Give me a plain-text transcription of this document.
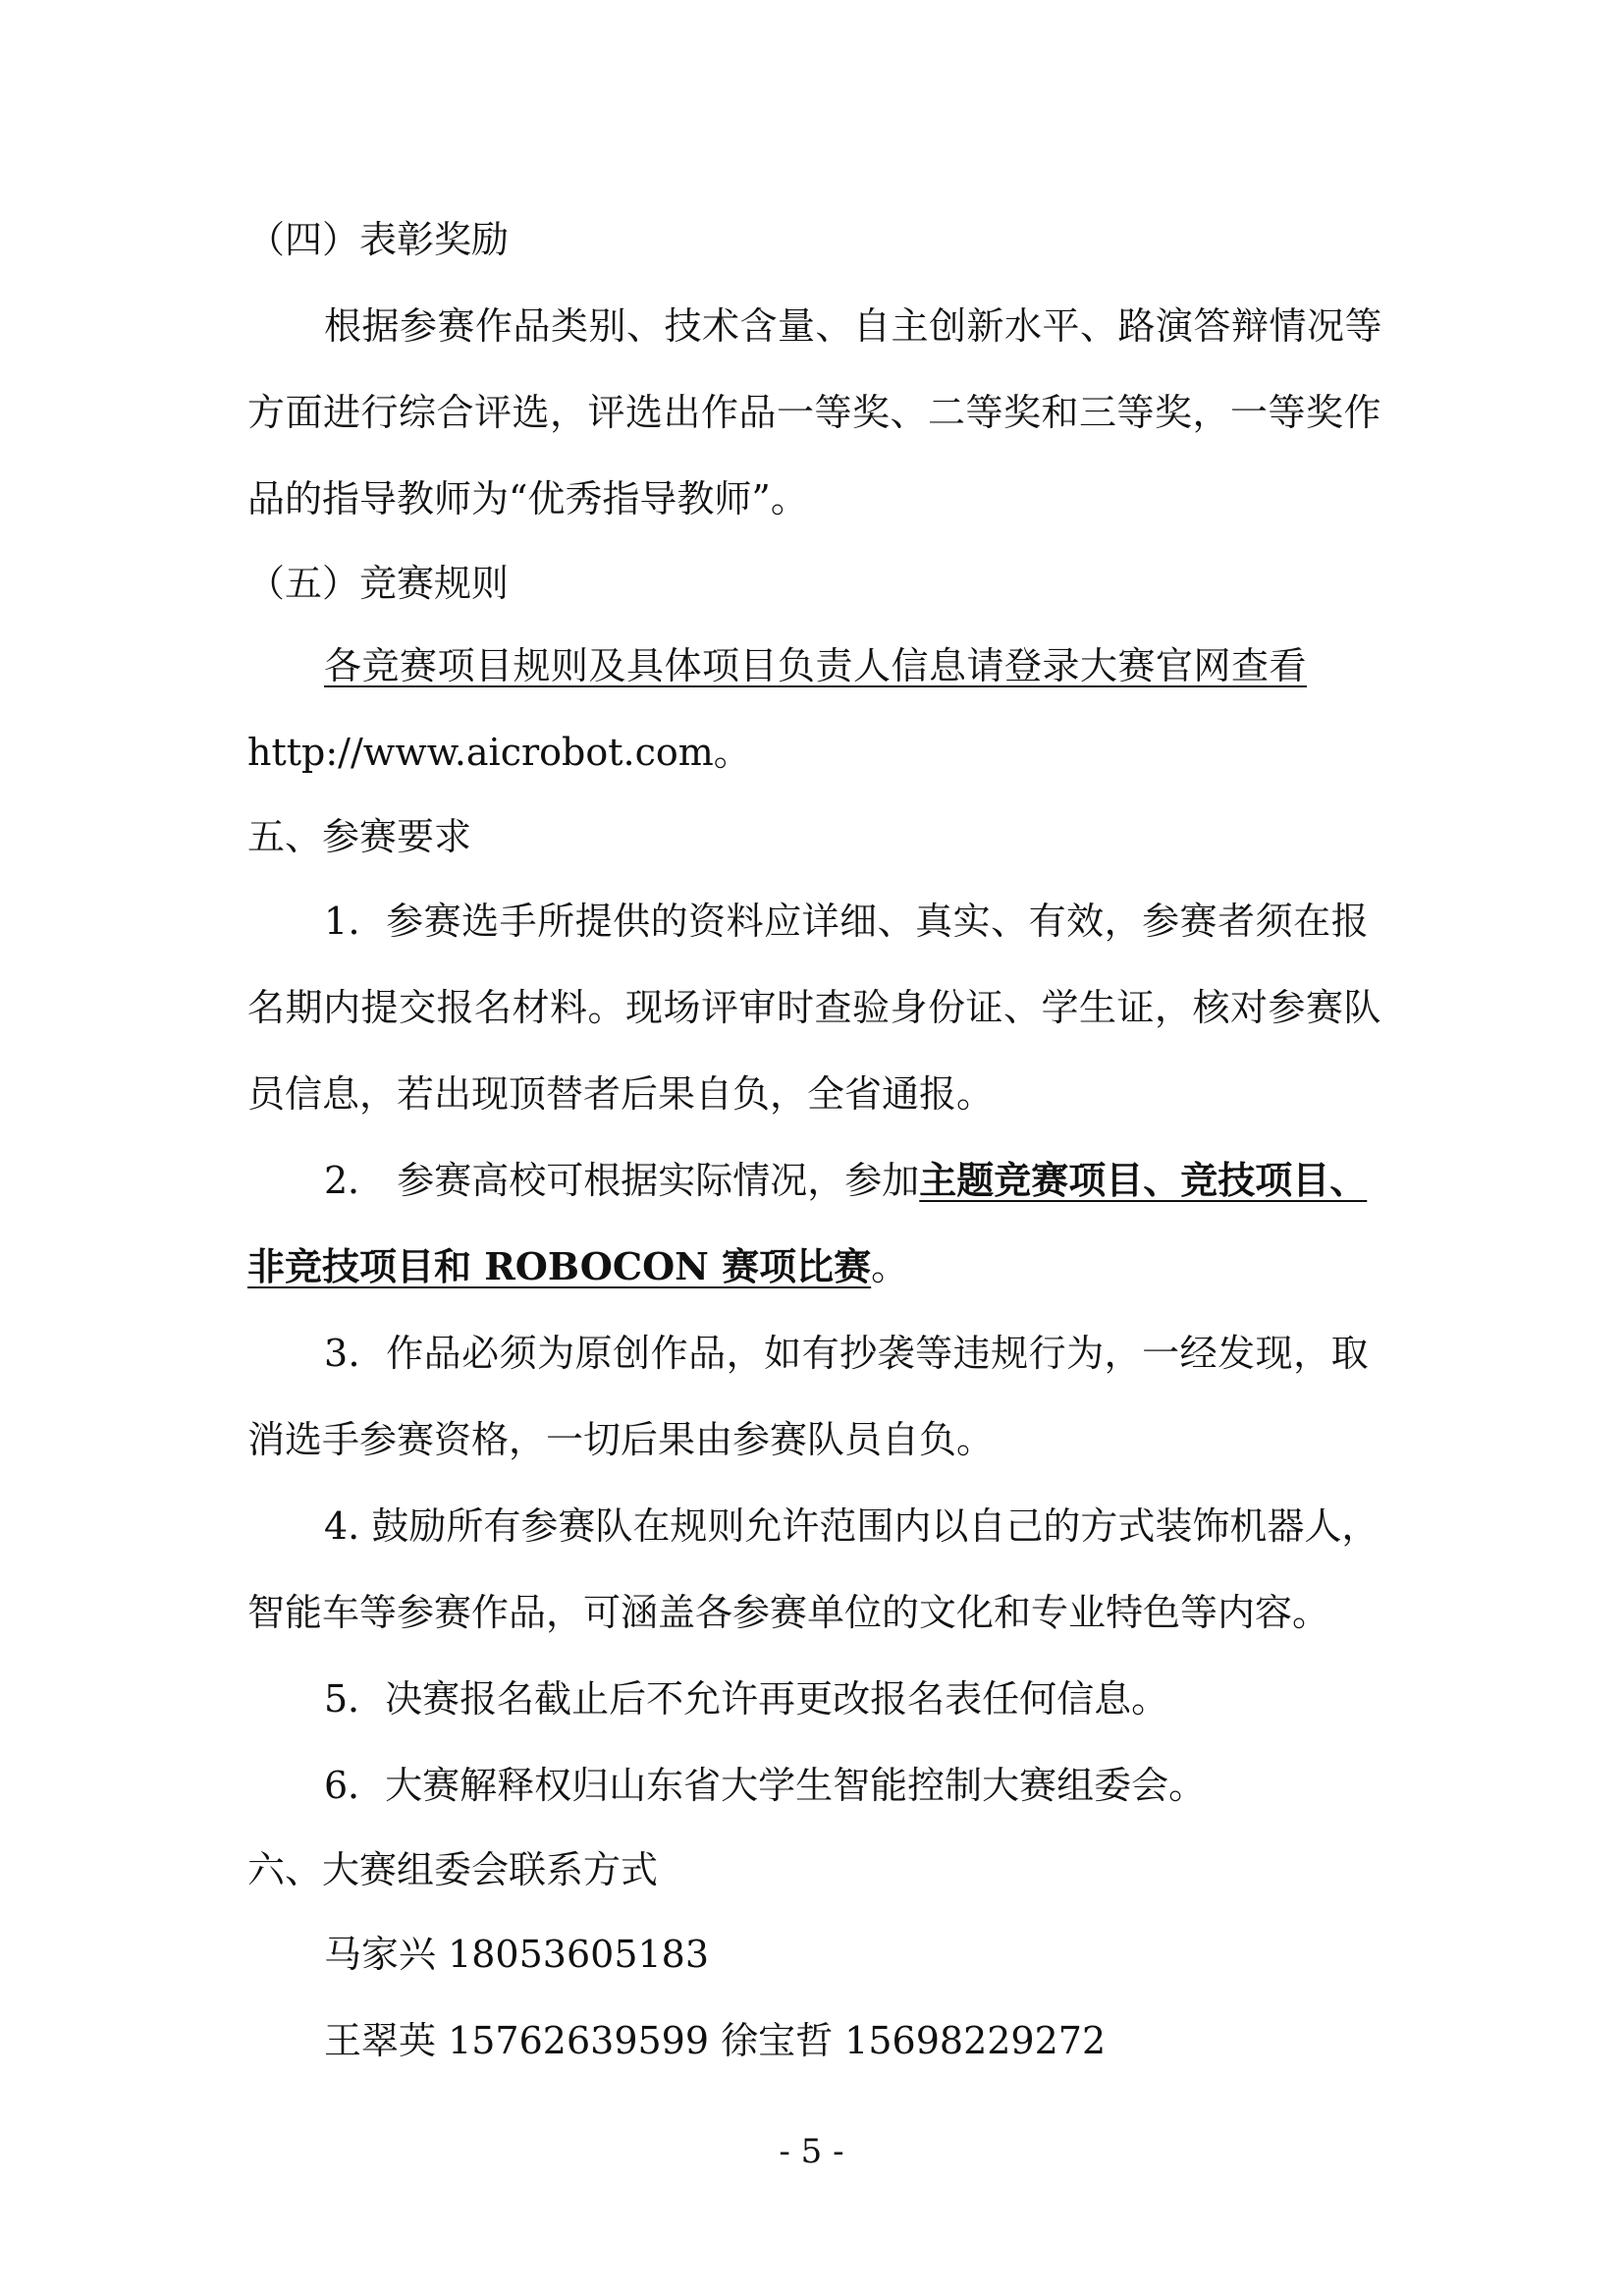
（四）表彰奖励

根据参赛作品类别、技术含量、自主创新水平、路演答辩情况等

方面进行综合评选，评选出作品一等奖、二等奖和三等奖，一等奖作

品的指导教师为“优秀指导教师”。

（五）竞赛规则

各竞赛项目规则及具体项目负责人信息请登录大赛官网查看

http://www.aicrobot.com。

五、参赛要求

1．参赛选手所提供的资料应详细、真实、有效，参赛者须在报

名期内提交报名材料。现场评审时查验身份证、学生证，核对参赛队

员信息，若出现顶替者后果自负，全省通报。

2． 参赛高校可根据实际情况，参加主题竞赛项目、竞技项目、

非竞技项目和 ROBOCON 赛项比赛。

3．作品必须为原创作品，如有抄袭等违规行为，一经发现，取

消选手参赛资格，一切后果由参赛队员自负。

4. 鼓励所有参赛队在规则允许范围内以自己的方式装饰机器人，

智能车等参赛作品，可涵盖各参赛单位的文化和专业特色等内容。

5．决赛报名截止后不允许再更改报名表任何信息。

6．大赛解释权归山东省大学生智能控制大赛组委会。

六、大赛组委会联系方式

马家兴 18053605183

王翠英 15762639599 徐宝哲 15698229272

- 5 -
